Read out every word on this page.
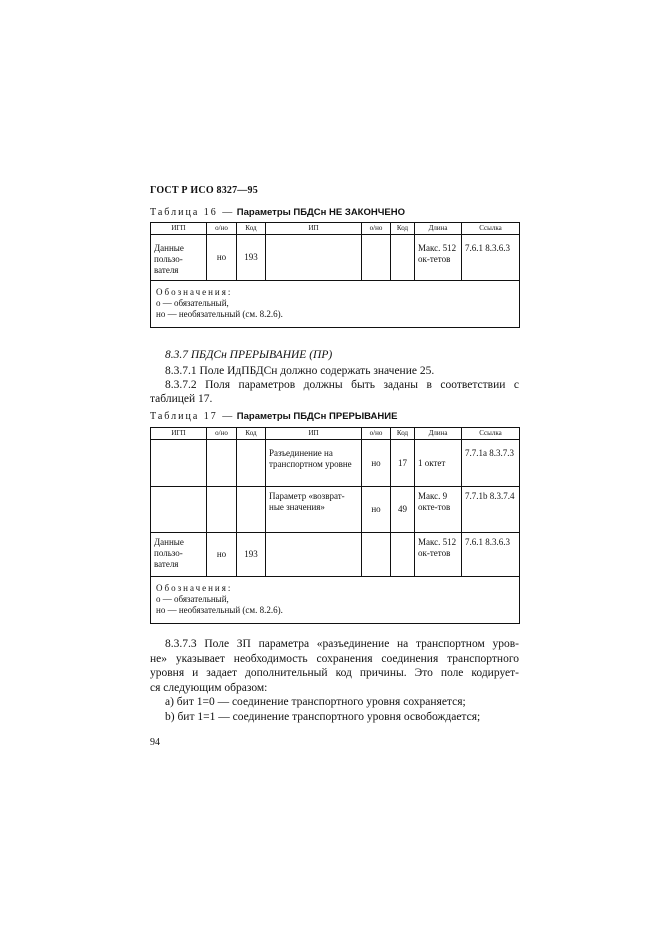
ГОСТ Р ИСО 8327—95
Таблица 16 — Параметры ПБДСн НЕ ЗАКОНЧЕНО
ИГП	о/нo	Код	ИП	о/нo	Код	Длина	Ссылка
Данные пользо-вателя	но	193				Макс. 512 ок-тетов	7.6.1 8.3.6.3

Обозначения:
о — обязательный,
но — необязательный (см. 8.2.6).							
8.3.7 ПБДСн ПРЕРЫВАНИЕ (ПР)
8.3.7.1 Поле ИдПБДСн должно содержать значение 25.
8.3.7.2 Поля параметров должны быть заданы в соответствии с
таблицей 17.
Таблица 17 — Параметры ПБДСн ПРЕРЫВАНИЕ
ИГП	о/нo	Код	ИП	о/нo	Код	Длина	Ссылка
			Разъединение на транспортном уровне	но	17	1 октет	7.7.1а 8.3.7.3
			Параметр «возврат-ные значения»	но	49	Макс. 9 окте-тов	7.7.1b 8.3.7.4
Данные пользо-вателя	но	193				Макс. 512 ок-тетов	7.6.1 8.3.6.3

Обозначения:
о — обязательный,
но — необязательный (см. 8.2.6).							
8.3.7.3 Поле ЗП параметра «разъединение на транспортном уров-
не» указывает необходимость сохранения соединения транспортного
уровня и задает дополнительный код причины. Это поле кодирует-
ся следующим образом:
а) бит 1=0 — соединение транспортного уровня сохраняется;
b) бит 1=1 — соединение транспортного уровня освобождается;
94
